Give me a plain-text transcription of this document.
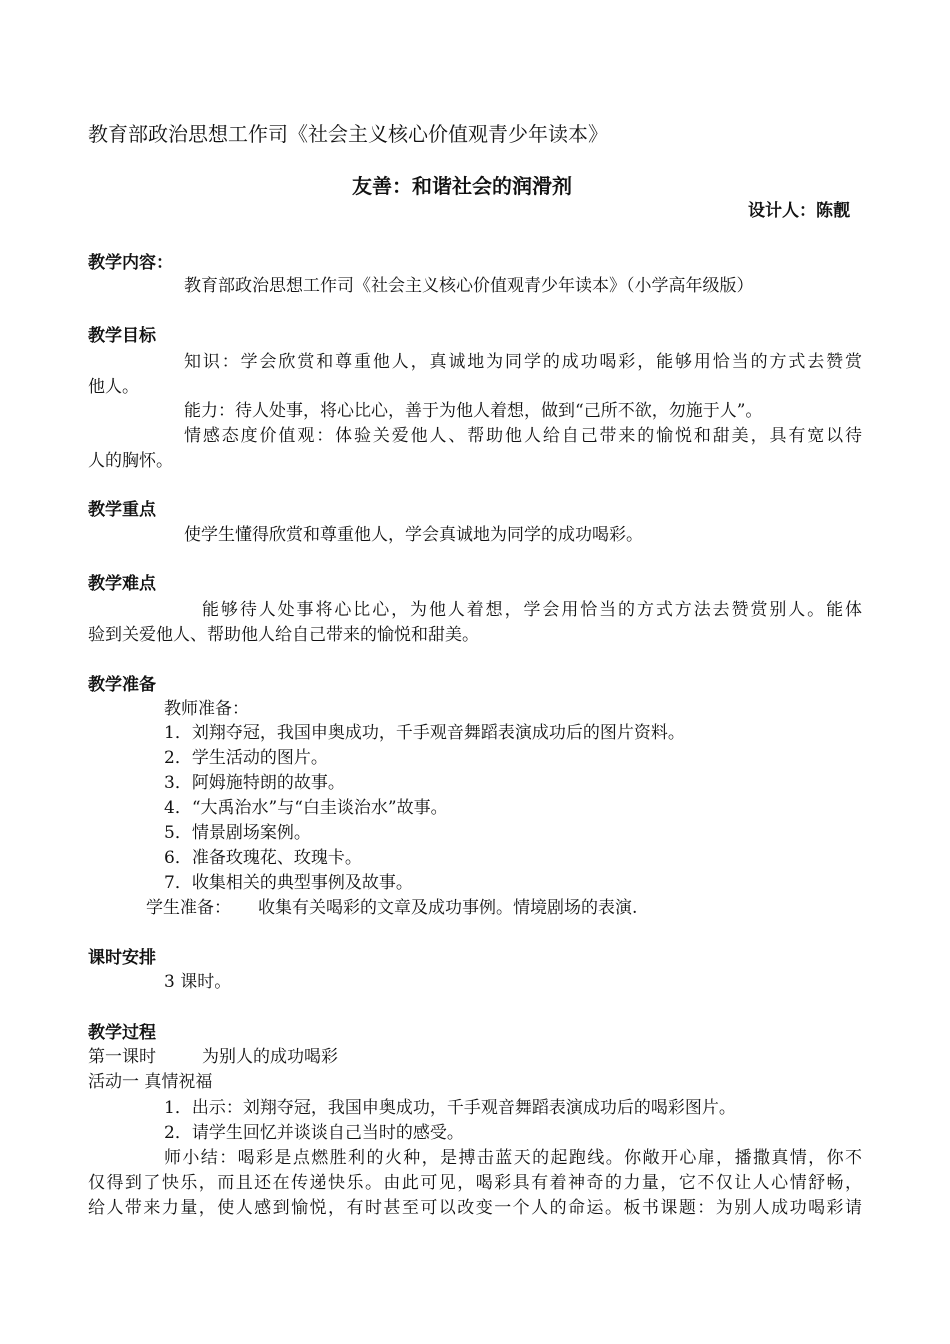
教育部政治思想工作司《社会主义核心价值观青少年读本》
友善：和谐社会的润滑剂
设计人：陈靓
教学内容：
教育部政治思想工作司《社会主义核心价值观青少年读本》（小学高年级版）
教学目标
知识：学会欣赏和尊重他人，真诚地为同学的成功喝彩，能够用恰当的方式去赞赏
他人。
能力：待人处事，将心比心，善于为他人着想，做到“己所不欲，勿施于人”。
情感态度价值观：体验关爱他人、帮助他人给自己带来的愉悦和甜美，具有宽以待
人的胸怀。
教学重点
使学生懂得欣赏和尊重他人，学会真诚地为同学的成功喝彩。
教学难点
能够待人处事将心比心，为他人着想，学会用恰当的方式方法去赞赏别人。能体
验到关爱他人、帮助他人给自己带来的愉悦和甜美。
教学准备
教师准备：
1．刘翔夺冠，我国申奥成功，千手观音舞蹈表演成功后的图片资料。
2．学生活动的图片。
3．阿姆施特朗的故事。
4．“大禹治水”与“白圭谈治水”故事。
5．情景剧场案例。
6．准备玫瑰花、玫瑰卡。
7．收集相关的典型事例及故事。
学生准备： 收集有关喝彩的文章及成功事例。情境剧场的表演.
课时安排
3 课时。
教学过程
第一课时	为别人的成功喝彩
活动一 真情祝福
1．出示：刘翔夺冠，我国申奥成功，千手观音舞蹈表演成功后的喝彩图片。
2．请学生回忆并谈谈自己当时的感受。
师小结：喝彩是点燃胜利的火种，是搏击蓝天的起跑线。你敞开心扉，播撒真情，你不
仅得到了快乐，而且还在传递快乐。由此可见，喝彩具有着神奇的力量，它不仅让人心情舒畅，
给人带来力量，使人感到愉悦，有时甚至可以改变一个人的命运。板书课题：为别人成功喝彩请
